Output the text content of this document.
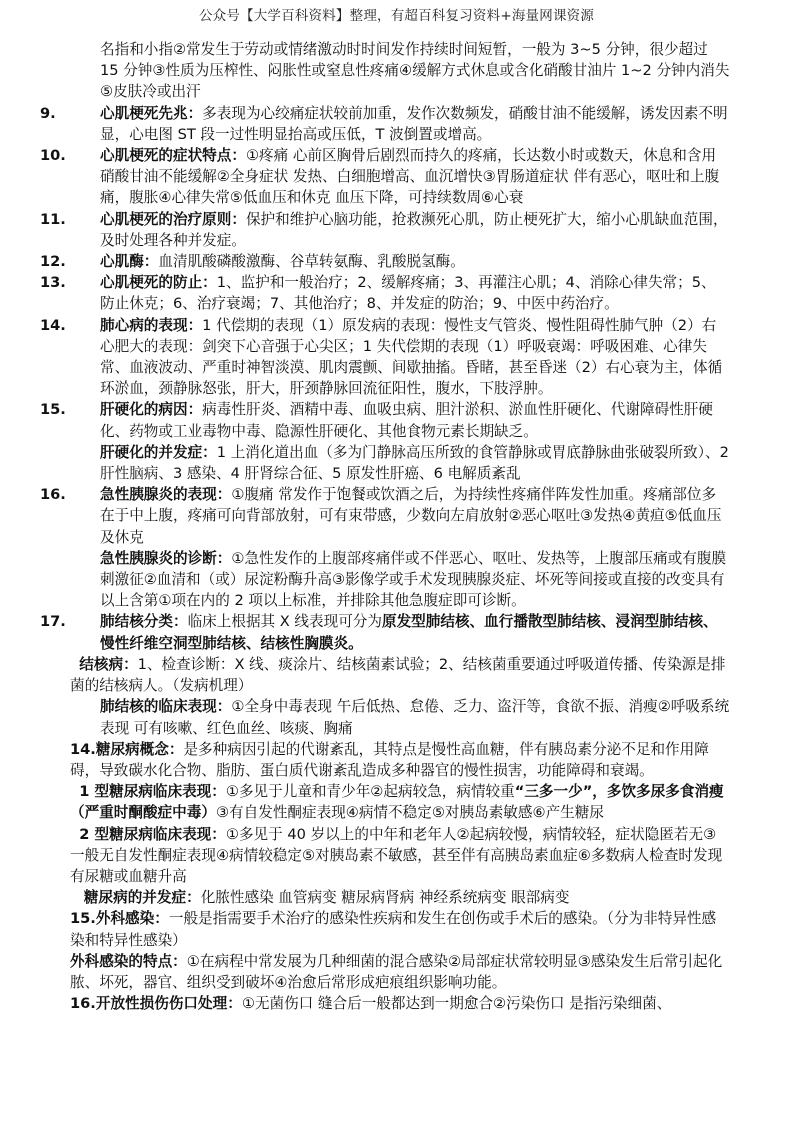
公众号【大学百科资料】整理，有超百科复习资料+海量网课资源
名指和小指②常发生于劳动或情绪激动时时间发作持续时间短暂，一般为 3~5 分钟，很少超过 15 分钟③性质为压榨性、闷胀性或窒息性疼痛④缓解方式休息或含化硝酸甘油片 1~2 分钟内消失⑤皮肤冷或出汗
9.	心肌梗死先兆：多表现为心绞痛症状较前加重，发作次数频发，硝酸甘油不能缓解，诱发因素不明显，心电图 ST 段一过性明显抬高或压低，T 波倒置或增高。
10. 心肌梗死的症状特点：①疼痛 心前区胸骨后剧烈而持久的疼痛，长达数小时或数天，休息和含用硝酸甘油不能缓解②全身症状 发热、白细胞增高、血沉增快③胃肠道症状 伴有恶心，呕吐和上腹痛，腹胀④心律失常⑤低血压和休克 血压下降，可持续数周⑥心衰
11. 心肌梗死的治疗原则：保护和维护心脑功能，抢救濒死心肌，防止梗死扩大，缩小心肌缺血范围，及时处理各种并发症。
12. 心肌酶：血清肌酸磷酸激酶、谷草转氨酶、乳酸脱氢酶。
13. 心肌梗死的防止：1、监护和一般治疗；2、缓解疼痛；3、再灌注心肌；4、消除心律失常；5、防止休克；6、治疗衰竭；7、其他治疗；8、并发症的防治；9、中医中药治疗。
14. 肺心病的表现：1 代偿期的表现（1）原发病的表现：慢性支气管炎、慢性阻碍性肺气肿（2）右心肥大的表现：剑突下心音强于心尖区；1 失代偿期的表现（1）呼吸衰竭：呼吸困难、心律失常、血液波动、严重时神智淡漠、肌肉震颤、间歇抽搐。昏睹，甚至昏迷（2）右心衰为主，体循环淤血，颈静脉怒张，肝大，肝颈静脉回流征阳性，腹水，下肢浮肿。
15. 肝硬化的病因：病毒性肝炎、酒精中毒、血吸虫病、胆汁淤积、淤血性肝硬化、代谢障碍性肝硬化、药物或工业毒物中毒、隐源性肝硬化、其他食物元素长期缺乏。
肝硬化的并发症：1 上消化道出血（多为门静脉高压所致的食管静脉或胃底静脉曲张破裂所致）、2 肝性脑病、3 感染、4 肝肾综合征、5 原发性肝癌、6 电解质紊乱
16. 急性胰腺炎的表现：①腹痛 常发作于饱餐或饮酒之后，为持续性疼痛伴阵发性加重。疼痛部位多在于中上腹，疼痛可向背部放射，可有束带感，少数向左肩放射②恶心呕吐③发热④黄疸⑤低血压及休克
急性胰腺炎的诊断：①急性发作的上腹部疼痛伴或不伴恶心、呕吐、发热等，上腹部压痛或有腹膜刺激征②血清和（或）尿淀粉酶升高③影像学或手术发现胰腺炎症、坏死等间接或直接的改变具有以上含第①项在内的 2 项以上标准，并排除其他急腹症即可诊断。
17. 肺结核分类：临床上根据其 X 线表现可分为原发型肺结核、血行播散型肺结核、浸润型肺结核、慢性纤维空洞型肺结核、结核性胸膜炎。
结核病：1、检查诊断：X 线、痰涂片、结核菌素试验；2、结核菌重要通过呼吸道传播、传染源是排菌的结核病人。（发病机理）
肺结核的临床表现：①全身中毒表现 午后低热、怠倦、乏力、盗汗等，食欲不振、消瘦②呼吸系统表现 可有咳嗽、红色血丝、咳痰、胸痛
14.糖尿病概念：是多种病因引起的代谢紊乱，其特点是慢性高血糖，伴有胰岛素分泌不足和作用障碍，导致碳水化合物、脂肪、蛋白质代谢紊乱造成多种器官的慢性损害，功能障碍和衰竭。
1 型糖尿病临床表现：①多见于儿童和青少年②起病较急，病情较重“三多一少”，多饮多尿多食消瘦（严重时酮酸症中毒）③有自发性酮症表现④病情不稳定⑤对胰岛素敏感⑥产生糖尿
2 型糖尿病临床表现：①多见于 40 岁以上的中年和老年人②起病较慢，病情较轻，症状隐匿若无③一般无自发性酮症表现④病情较稳定⑤对胰岛素不敏感，甚至伴有高胰岛素血症⑥多数病人检查时发现有尿糖或血糖升高
糖尿病的并发症：化脓性感染 血管病变 糖尿病肾病 神经系统病变 眼部病变
15.外科感染：一般是指需要手术治疗的感染性疾病和发生在创伤或手术后的感染。（分为非特异性感染和特异性感染）
外科感染的特点：①在病程中常发展为几种细菌的混合感染②局部症状常较明显③感染发生后常引起化脓、坏死，器官、组织受到破坏④治愈后常形成疤痕组织影响功能。
16.开放性损伤伤口处理：①无菌伤口 缝合后一般都达到一期愈合②污染伤口 是指污染细菌、
